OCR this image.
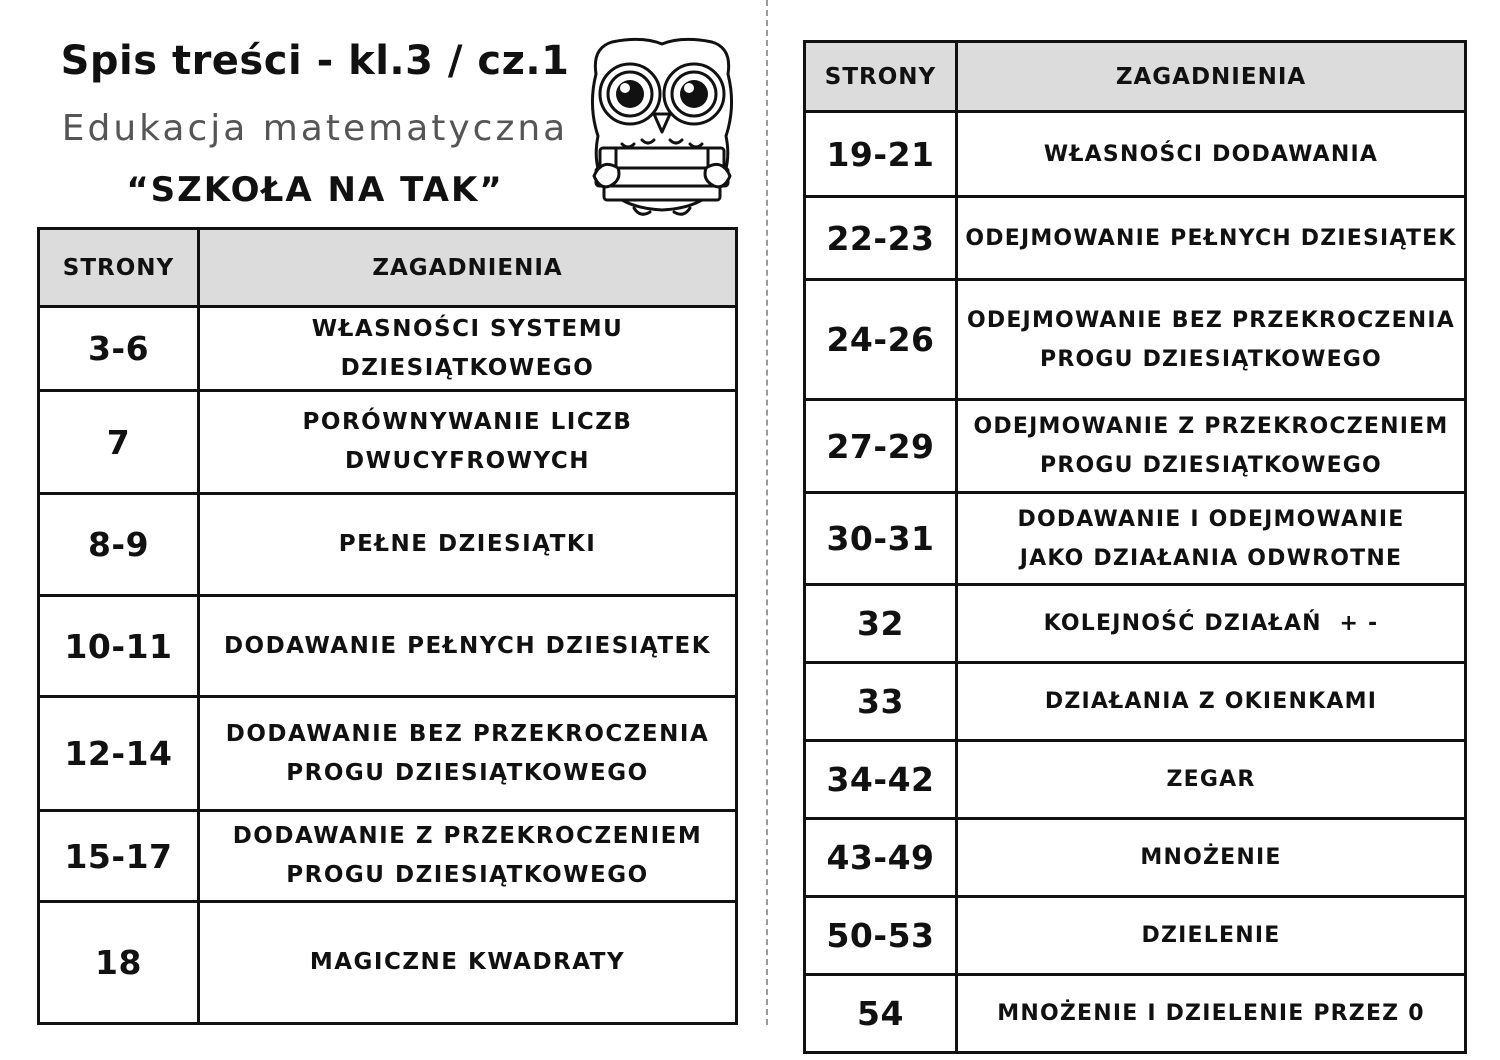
Spis treści - kl.3 / cz.1
Edukacja matematyczna
“SZKOŁA NA TAK”
STRONY	ZAGADNIENIA
3-6	WŁASNOŚCI SYSTEMU
DZIESIĄTKOWEGO

7	PORÓWNYWANIE LICZB
DWUCYFROWYCH

8-9	PEŁNE DZIESIĄTKI

10-11	DODAWANIE PEŁNYCH DZIESIĄTEK

12-14	DODAWANIE BEZ PRZEKROCZENIA
PROGU DZIESIĄTKOWEGO

15-17	DODAWANIE Z PRZEKROCZENIEM
PROGU DZIESIĄTKOWEGO

18	MAGICZNE KWADRATY
STRONY	ZAGADNIENIA
19-21	WŁASNOŚCI DODAWANIA

22-23	ODEJMOWANIE PEŁNYCH DZIESIĄTEK

24-26	ODEJMOWANIE BEZ PRZEKROCZENIA
PROGU DZIESIĄTKOWEGO

27-29	ODEJMOWANIE Z PRZEKROCZENIEM
PROGU DZIESIĄTKOWEGO

30-31	DODAWANIE I ODEJMOWANIE
JAKO DZIAŁANIA ODWROTNE

32	KOLEJNOŚĆ DZIAŁAŃ  + -

33	DZIAŁANIA Z OKIENKAMI

34-42	ZEGAR

43-49	MNOŻENIE

50-53	DZIELENIE

54	MNOŻENIE I DZIELENIE PRZEZ 0
